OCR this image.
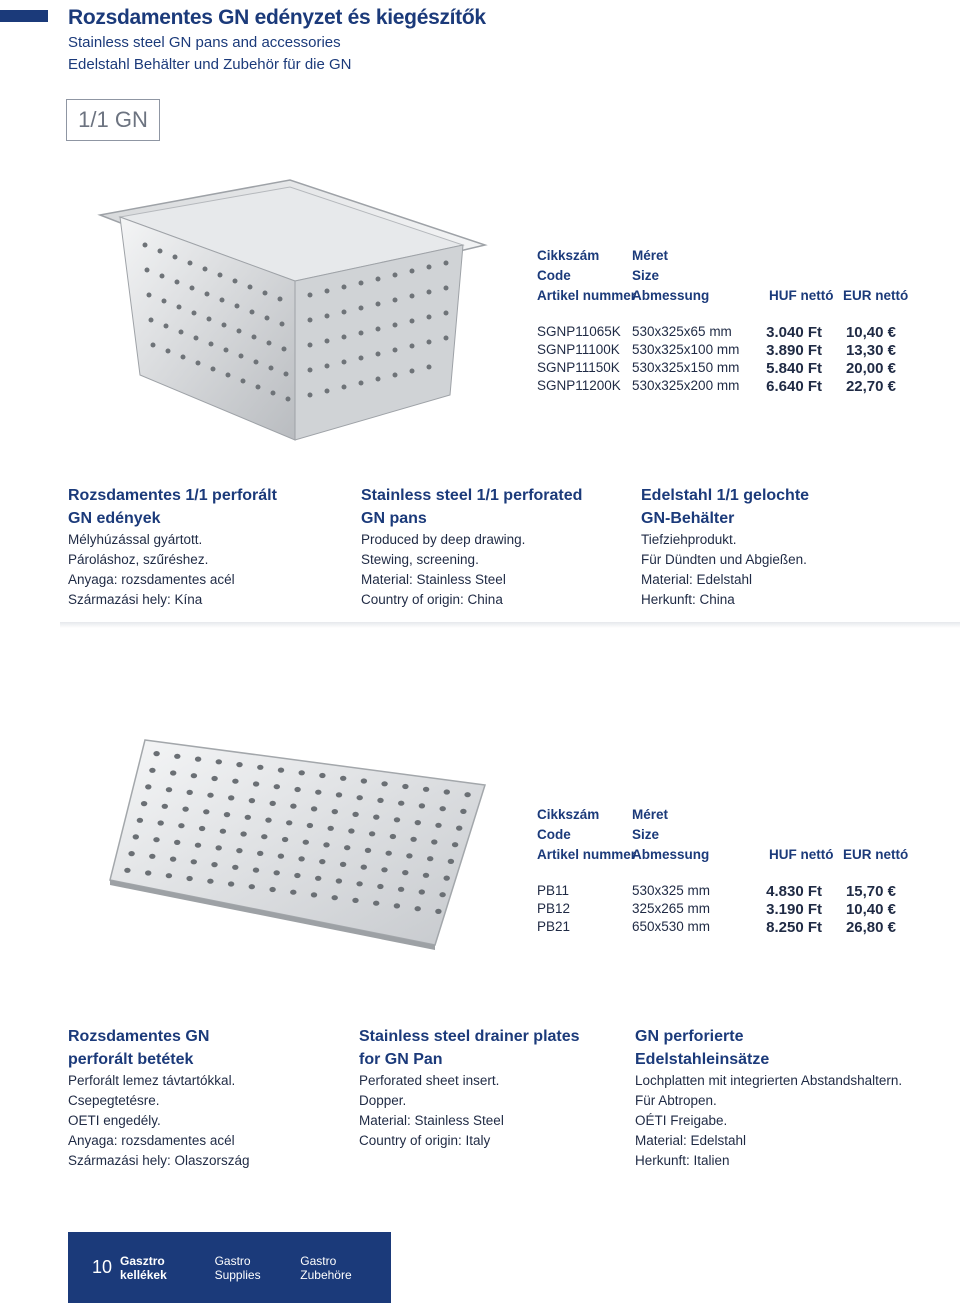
Rozsdamentes GN edényzet és kiegészítők
Stainless steel GN pans and accessories
Edelstahl Behälter und Zubehör für die GN
1/1 GN
Cikkszám
Code
Artikel nummer
Méret
Size
Abmessung	HUF nettó EUR nettó
SGNP11065K 530x325x65 mm 3.040 Ft 10,40 €
SGNP11100K 530x325x100 mm 3.890 Ft 13,30 €
SGNP11150K 530x325x150 mm 5.840 Ft 20,00 €
SGNP11200K 530x325x200 mm 6.640 Ft 22,70 €
Rozsdamentes 1/1 perforált
GN edények
Mélyhúzással gyártott.
Pároláshoz, szűréshez.
Anyaga: rozsdamentes acél
Származási hely: Kína
Stainless steel 1/1 perforated
GN pans
Produced by deep drawing.
Stewing, screening.
Material: Stainless Steel
Country of origin: China
Edelstahl 1/1 gelochte
GN-Behälter
Tiefziehprodukt.
Für Dündten und Abgießen.
Material: Edelstahl
Herkunft: China
Cikkszám
Code
Artikel nummer
Méret
Size
Abmessung	HUF nettó EUR nettó
PB11	530x325 mm	4.830 Ft 15,70 €
PB12	325x265 mm	3.190 Ft 10,40 €
PB21	650x530 mm	8.250 Ft 26,80 €
Rozsdamentes GN
perforált betétek
Perforált lemez távtartókkal.
Csepegtetésre.
OETI engedély.
Anyaga: rozsdamentes acél
Származási hely: Olaszország
Stainless steel drainer plates
for GN Pan
Perforated sheet insert.
Dopper.
Material: Stainless Steel
Country of origin: Italy
GN perforierte
Edelstahleinsätze
Lochplatten mit integrierten Abstandshaltern.
Für Abtropen.
OÉTI Freigabe.
Material: Edelstahl
Herkunft: Italien
10 Gasztro kellékek
Gastro Supplies
Gastro Zubehöre
